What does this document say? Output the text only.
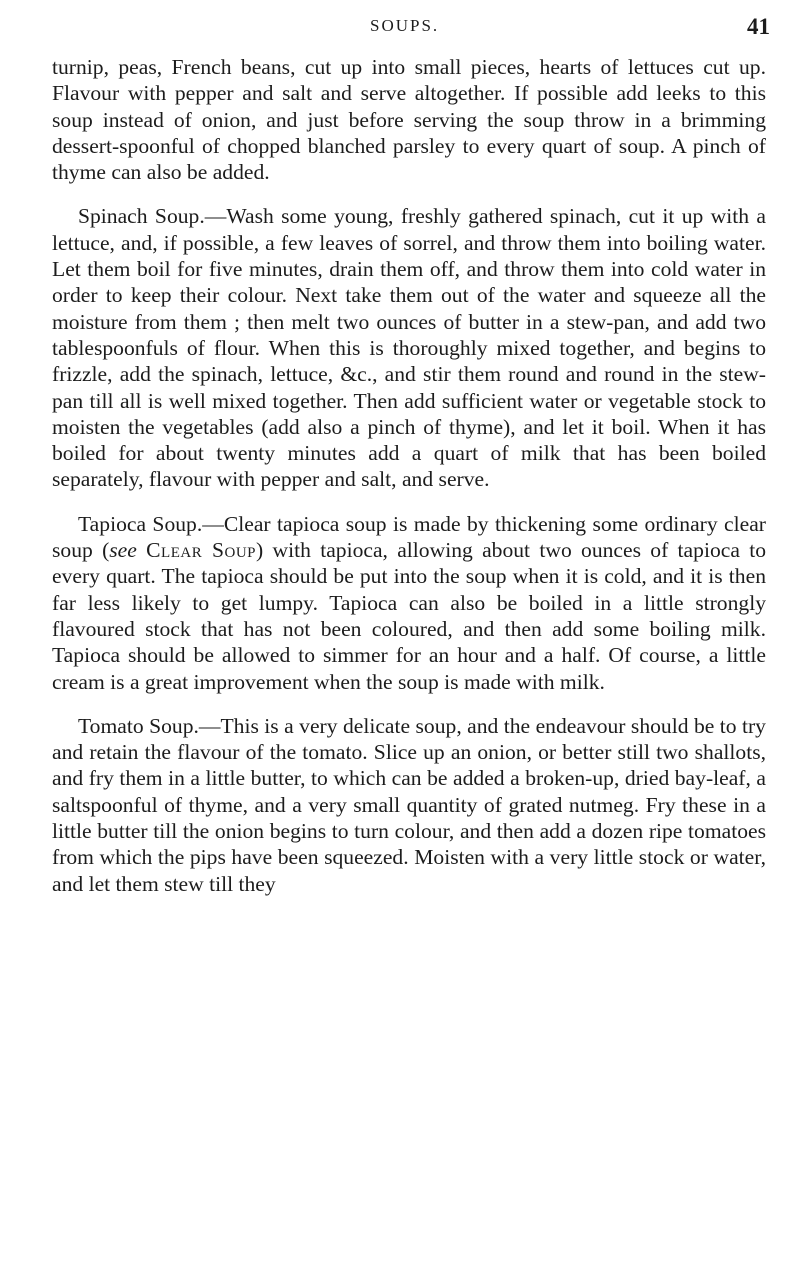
SOUPS.	41

turnip, peas, French beans, cut up into small pieces, hearts of lettuces cut up. Flavour with pepper and salt and serve altogether. If possible add leeks to this soup instead of onion, and just before serving the soup throw in a brimming dessert-spoonful of chopped blanched parsley to every quart of soup. A pinch of thyme can also be added.

Spinach Soup.—Wash some young, freshly gathered spinach, cut it up with a lettuce, and, if possible, a few leaves of sorrel, and throw them into boiling water. Let them boil for five minutes, drain them off, and throw them into cold water in order to keep their colour. Next take them out of the water and squeeze all the moisture from them ; then melt two ounces of butter in a stew-pan, and add two tablespoonfuls of flour. When this is thoroughly mixed together, and begins to frizzle, add the spinach, lettuce, &c., and stir them round and round in the stew-pan till all is well mixed together. Then add sufficient water or vegetable stock to moisten the vegetables (add also a pinch of thyme), and let it boil. When it has boiled for about twenty minutes add a quart of milk that has been boiled separately, flavour with pepper and salt, and serve.

Tapioca Soup.—Clear tapioca soup is made by thickening some ordinary clear soup (see Clear Soup) with tapioca, allowing about two ounces of tapioca to every quart. The tapioca should be put into the soup when it is cold, and it is then far less likely to get lumpy. Tapioca can also be boiled in a little strongly flavoured stock that has not been coloured, and then add some boiling milk. Tapioca should be allowed to simmer for an hour and a half. Of course, a little cream is a great improvement when the soup is made with milk.

Tomato Soup.—This is a very delicate soup, and the endeavour should be to try and retain the flavour of the tomato. Slice up an onion, or better still two shallots, and fry them in a little butter, to which can be added a broken-up, dried bay-leaf, a saltspoonful of thyme, and a very small quantity of grated nutmeg. Fry these in a little butter till the onion begins to turn colour, and then add a dozen ripe tomatoes from which the pips have been squeezed. Moisten with a very little stock or water, and let them stew till they
